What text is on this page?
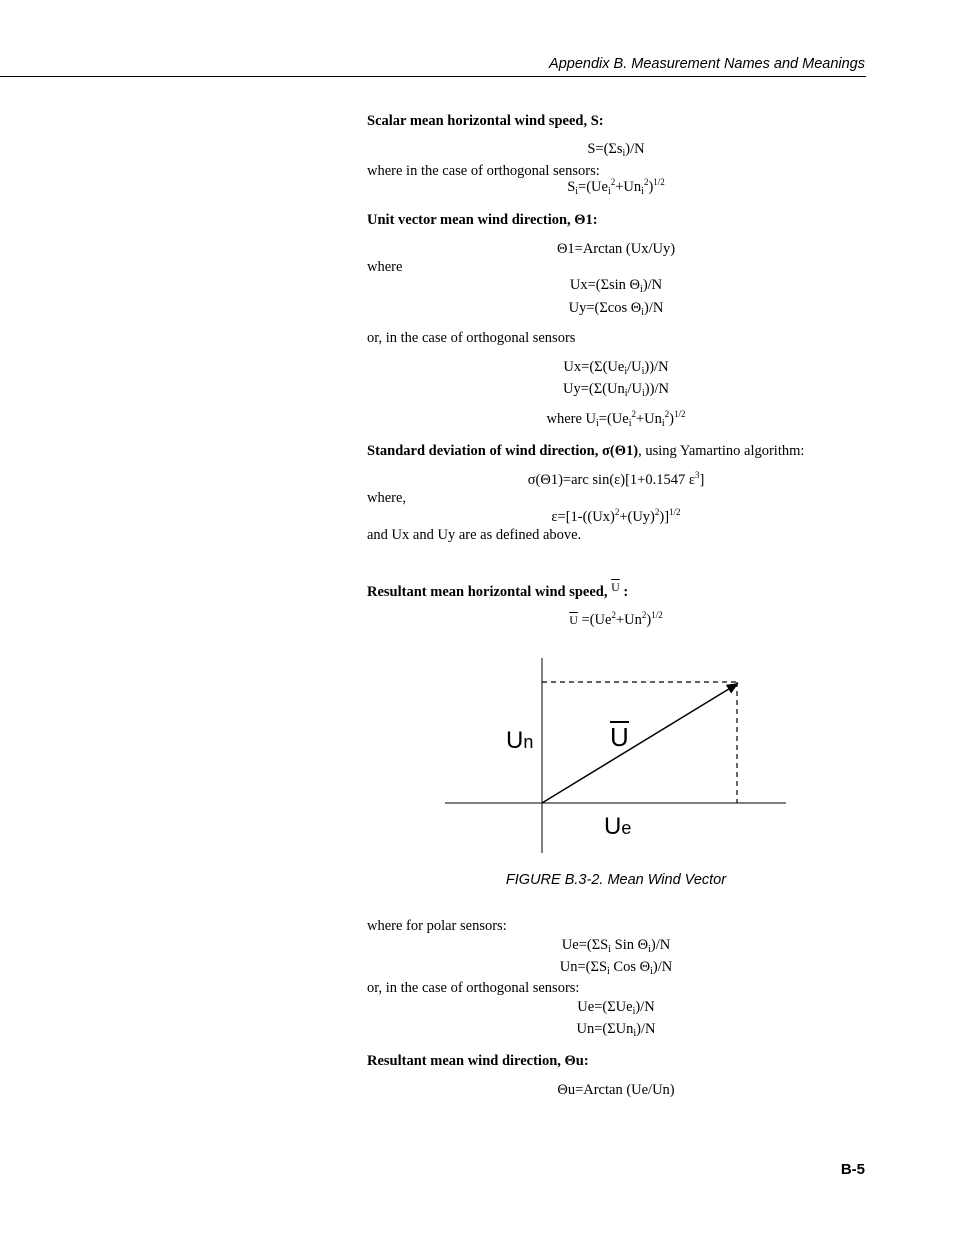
Appendix B. Measurement Names and Meanings
Scalar mean horizontal wind speed, S:
$S=(\Sigma s_i)/N$
where in the case of orthogonal sensors:
$S_i=(Ue_i^2+Un_i^2)^{1/2}$
Unit vector mean wind direction, Θ1:
Θ1=Arctan (Ux/Uy)
where
Ux=(Σsin $\Theta_i)/N$
Uy=(Σcos $\Theta_i)/N$
or, in the case of orthogonal sensors
$Ux=(\Sigma(Ue_i/U_i))/N$
$Uy=(\Sigma(Un_i/U_i))/N$
where $U_i=(Ue_i^2+Un_i^2)^{1/2}$
Standard deviation of wind direction, σ(Θ1), using Yamartino algorithm:
σ(Θ1)=arc sin(ε)[1+0.1547 $\varepsilon^3$]
where,
$\varepsilon=[1-((Ux)^2+(Uy)^2)]^{1/2}$
and Ux and Uy are as defined above.
Resultant mean horizontal wind speed, $\overline{U}$ :
$\overline{U} =(Ue^2+Un^2)^{1/2}$
Un	U
Ue
FIGURE B.3-2. Mean Wind Vector
where for polar sensors:
$Ue=(\Sigma S_i$ Sin $\Theta_i)/N$
$Un=(\Sigma S_i$ Cos $\Theta_i)/N$
or, in the case of orthogonal sensors:
Ue=(ΣUe$_i$)/N
Un=(ΣUn$_i$)/N
Resultant mean wind direction, Θu:
Θu=Arctan (Ue/Un)
B-5
